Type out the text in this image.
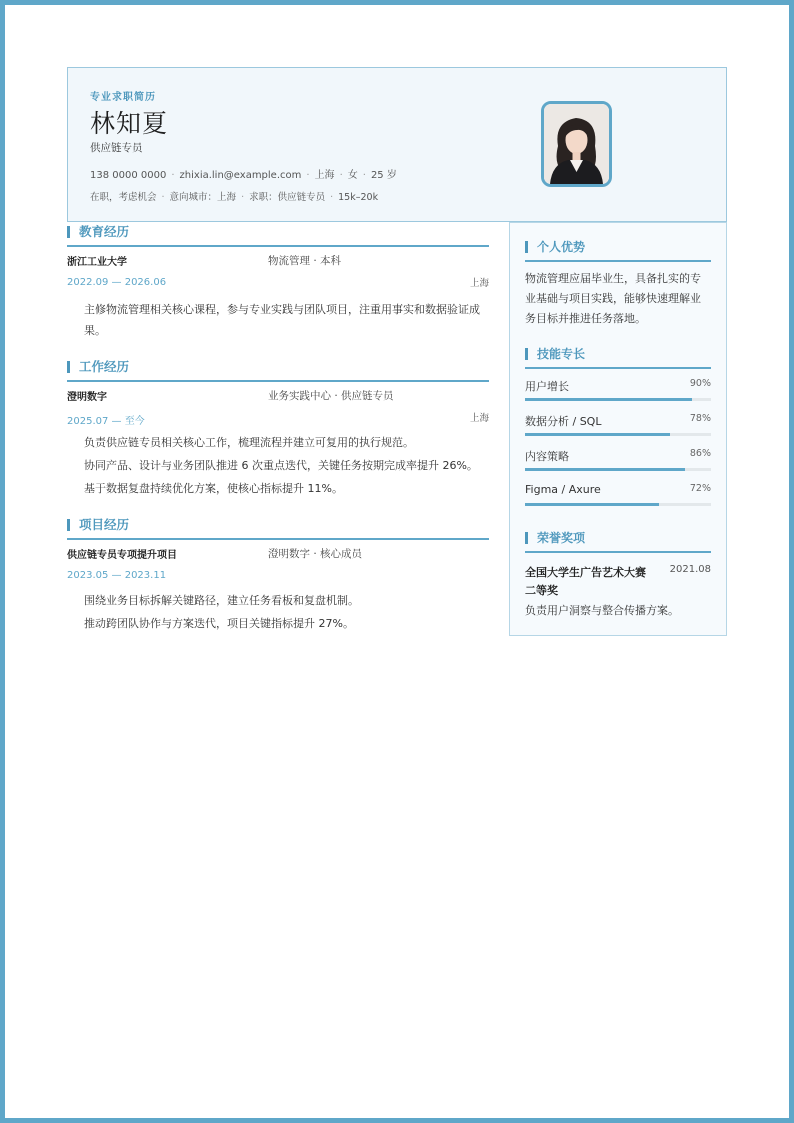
​
专业求职简历
林知夏
供应链专员
138 0000 0000 · zhixia.lin@example.com · 上海 · 女 · 25 岁
在职，考虑机会 · 意向城市：上海 · 求职：供应链专员 · 15k–20k
教育经历
浙江工业大学	物流管理 · 本科
2022.09 — 2026.06	上海

主修物流管理相关核心课程，参与专业实践与团队项目，注重用事实和数据验证成果。

工作经历
澄明数字	业务实践中心 · 供应链专员
2025.07 — 至今	上海
负责供应链专员相关核心工作，梳理流程并建立可复用的执行规范。
协同产品、设计与业务团队推进 6 次重点迭代，关键任务按期完成率提升 26%。
基于数据复盘持续优化方案，使核心指标提升 11%。
项目经历
供应链专员专项提升项目	澄明数字 · 核心成员
2023.05 — 2023.11
围绕业务目标拆解关键路径，建立任务看板和复盘机制。
推动跨团队协作与方案迭代，项目关键指标提升 27%。
个人优势
物流管理应届毕业生，具备扎实的专业基础与项目实践，能够快速理解业务目标并推进任务落地。
技能专长
用户增长	90%
数据分析 / SQL	78%
内容策略	86%
Figma / Axure	72%
荣誉奖项
全国大学生广告艺术大赛 2021.08
二等奖
负责用户洞察与整合传播方案。
